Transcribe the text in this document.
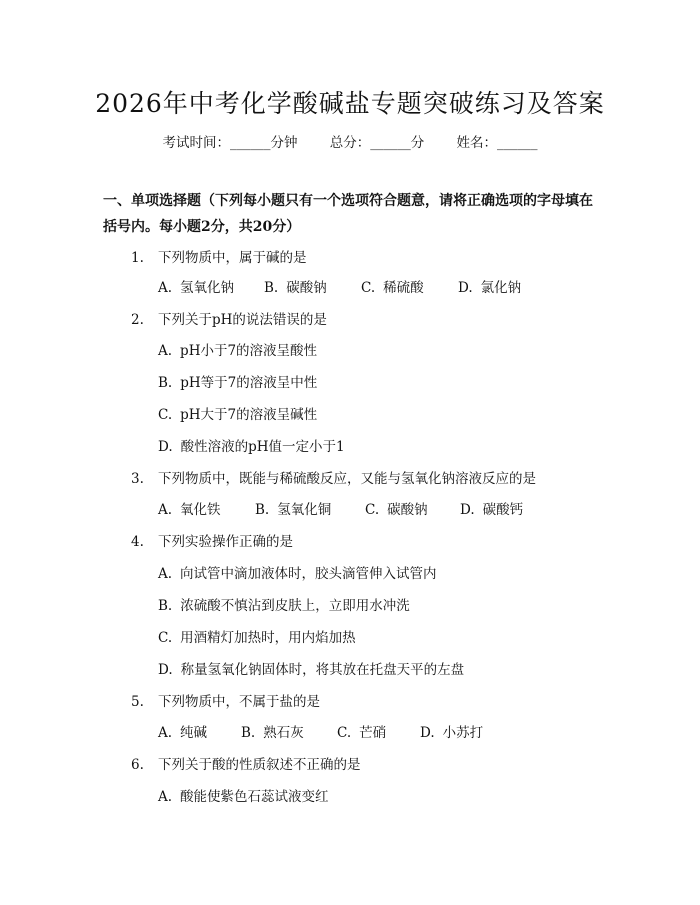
2026年中考化学酸碱盐专题突破练习及答案
考试时间：______分钟 总分：______分 姓名：______
一、单项选择题（下列每小题只有一个选项符合题意，请将正确选项的字母填在括号内。每小题2分，共20分）
1. 下列物质中，属于碱的是
A. 氢氧化钠 B. 碳酸钠	C. 稀硫酸	D. 氯化钠
2. 下列关于pH的说法错误的是
A. pH小于7的溶液呈酸性
B. pH等于7的溶液呈中性
C. pH大于7的溶液呈碱性
D. 酸性溶液的pH值一定小于1
3. 下列物质中，既能与稀硫酸反应，又能与氢氧化钠溶液反应的是
A. 氧化铁	B. 氢氧化铜	C. 碳酸钠 D. 碳酸钙
4. 下列实验操作正确的是
A. 向试管中滴加液体时，胶头滴管伸入试管内
B. 浓硫酸不慎沾到皮肤上，立即用水冲洗
C. 用酒精灯加热时，用内焰加热
D. 称量氢氧化钠固体时，将其放在托盘天平的左盘
5. 下列物质中，不属于盐的是
A. 纯碱	B. 熟石灰 C. 芒硝	D. 小苏打
6. 下列关于酸的性质叙述不正确的是
A. 酸能使紫色石蕊试液变红
